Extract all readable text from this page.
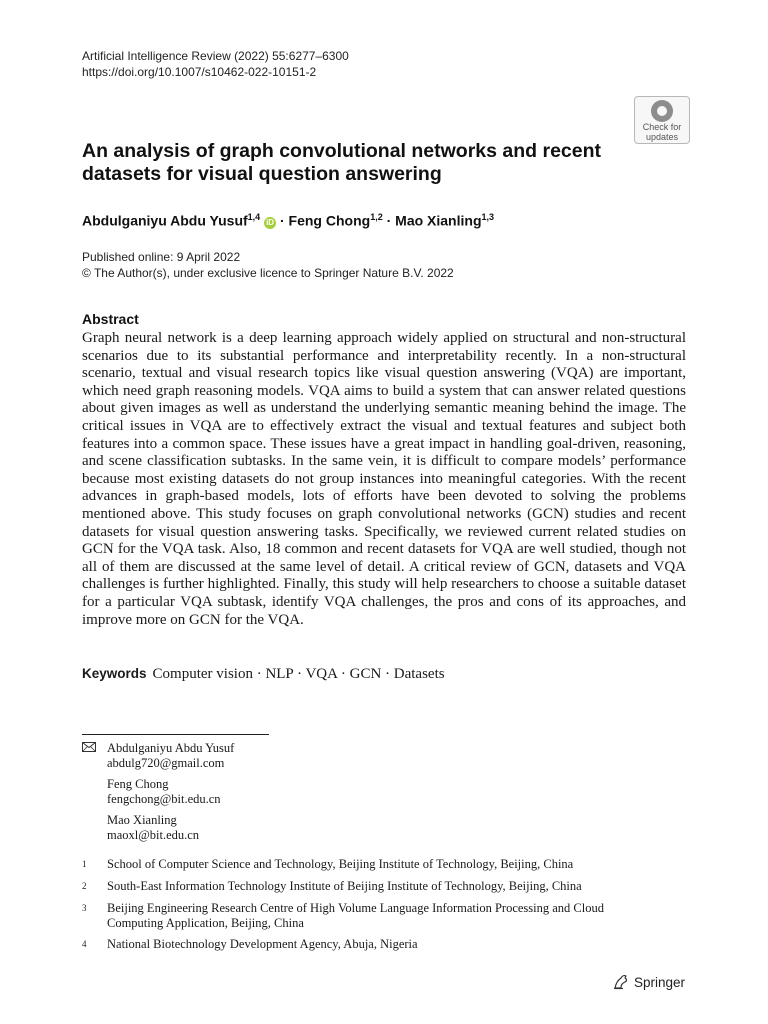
Artificial Intelligence Review (2022) 55:6277–6300
https://doi.org/10.1007/s10462-022-10151-2
Check for
updates
An analysis of graph convolutional networks and recent datasets for visual question answering
Abdulganiyu Abdu Yusuf$^{1,4}$ iD · Feng Chong$^{1,2}$ · Mao Xianling$^{1,3}$
Published online: 9 April 2022
© The Author(s), under exclusive licence to Springer Nature B.V. 2022
Abstract
Graph neural network is a deep learning approach widely applied on structural and non-structural scenarios due to its substantial performance and interpretability recently. In a non-structural scenario, textual and visual research topics like visual question answering (VQA) are important, which need graph reasoning models. VQA aims to build a system that can answer related questions about given images as well as understand the underlying semantic meaning behind the image. The critical issues in VQA are to effectively extract the visual and textual features and subject both features into a common space. These issues have a great impact in handling goal-driven, reasoning, and scene classification subtasks. In the same vein, it is difficult to compare models’ performance because most existing datasets do not group instances into meaningful categories. With the recent advances in graph-based models, lots of efforts have been devoted to solving the problems mentioned above. This study focuses on graph convolutional networks (GCN) studies and recent datasets for visual question answering tasks. Specifically, we reviewed current related studies on GCN for the VQA task. Also, 18 common and recent datasets for VQA are well studied, though not all of them are discussed at the same level of detail. A critical review of GCN, datasets and VQA challenges is further highlighted. Finally, this study will help researchers to choose a suitable dataset for a particular VQA subtask, identify VQA challenges, the pros and cons of its approaches, and improve more on GCN for the VQA.
Keywords Computer vision · NLP · VQA · GCN · Datasets
Abdulganiyu Abdu Yusuf
abdulg720@gmail.com
Feng Chong
fengchong@bit.edu.cn
Mao Xianling
maoxl@bit.edu.cn
1 School of Computer Science and Technology, Beijing Institute of Technology, Beijing, China
2 South-East Information Technology Institute of Beijing Institute of Technology, Beijing, China
3 Beijing Engineering Research Centre of High Volume Language Information Processing and Cloud Computing Application, Beijing, China
4 National Biotechnology Development Agency, Abuja, Nigeria
Springer
